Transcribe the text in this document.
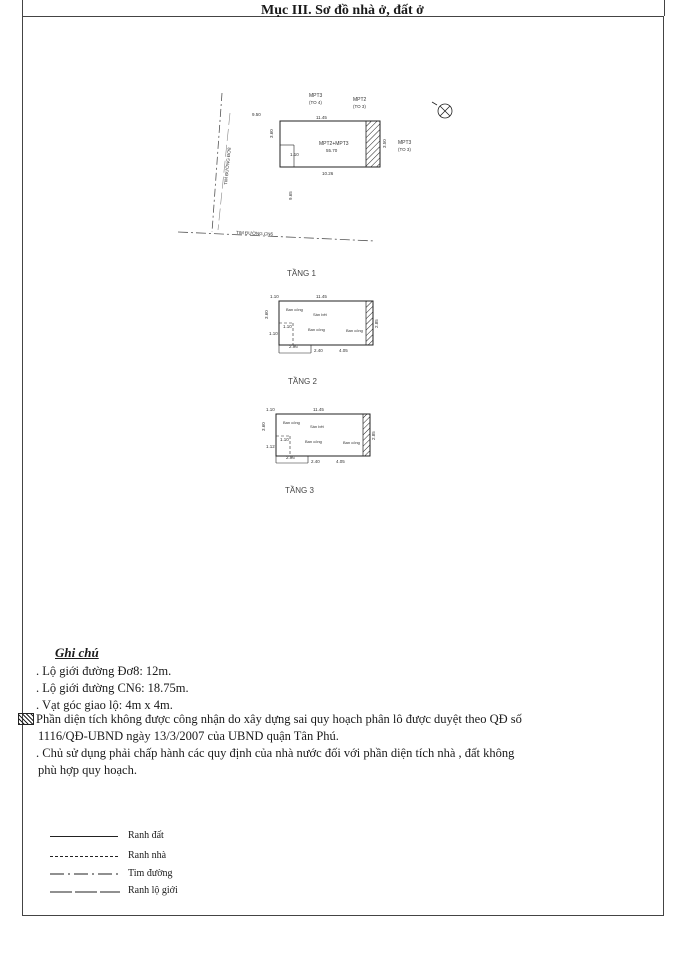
Mục III. Sơ đồ nhà ở, đất ở
MPT3
(TO 4)	MPT2
(TO 3)
11.45
MPT2+MPT3
55.70
MPT3
(TO 3)
10.26
9.50
3.60
1.10
3.50
9.65
TIM ĐƯỜNG ĐƠ8
TIM ĐƯỜNG CN6
TẦNG 1
1.10	11.45
3.60
1.10
1.10
2.85
2.96
2.40	4.05
Ban công
Sàn bêt
Ban công	Ban công
TẦNG 2
1.10	11.45
3.60
1.10
1.12
2.85
2.96
2.40	4.05
Ban công
Sàn bêt
Ban công	Ban công
TẦNG 3
Ghi chú
. Lộ giới đường Đơ8: 12m.
. Lộ giới đường CN6: 18.75m.
. Vạt góc giao lộ: 4m x 4m.
Phần diện tích không được công nhận do xây dựng sai quy hoạch phân lô được duyệt theo QĐ số
1116/QĐ-UBND ngày 13/3/2007 của UBND quận Tân Phú.
. Chủ sử dụng phải chấp hành các quy định của nhà nước đối với phần diện tích nhà , đất không
phù hợp quy hoạch.
Ranh đất
Ranh nhà
Tim đường
Ranh lộ giới
